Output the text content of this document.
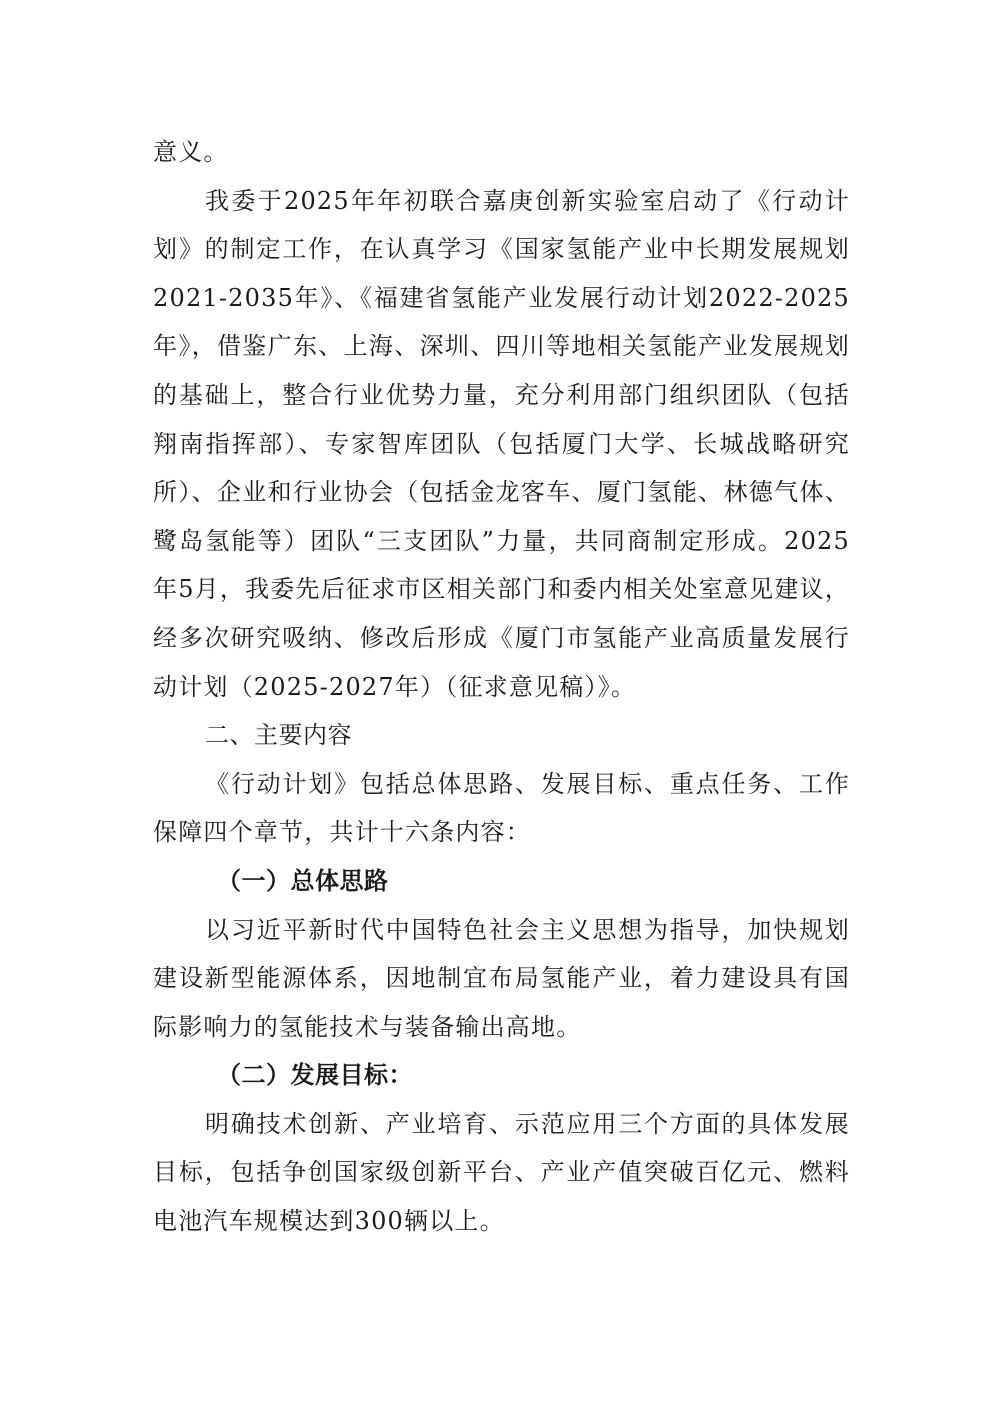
意义。

我委于2025年年初联合嘉庚创新实验室启动了《行动计划》的制定工作，在认真学习《国家氢能产业中长期发展规划2021-2035年》、《福建省氢能产业发展行动计划2022-2025年》，借鉴广东、上海、深圳、四川等地相关氢能产业发展规划的基础上，整合行业优势力量，充分利用部门组织团队（包括翔南指挥部）、专家智库团队（包括厦门大学、长城战略研究所）、企业和行业协会（包括金龙客车、厦门氢能、林德气体、鹭岛氢能等）团队“三支团队”力量，共同商制定形成。2025年5月，我委先后征求市区相关部门和委内相关处室意见建议，经多次研究吸纳、修改后形成《厦门市氢能产业高质量发展行动计划（2025-2027年）（征求意见稿）》。

二、主要内容

《行动计划》包括总体思路、发展目标、重点任务、工作保障四个章节，共计十六条内容：

（一）总体思路

以习近平新时代中国特色社会主义思想为指导，加快规划建设新型能源体系，因地制宜布局氢能产业，着力建设具有国际影响力的氢能技术与装备输出高地。

（二）发展目标：

明确技术创新、产业培育、示范应用三个方面的具体发展目标，包括争创国家级创新平台、产业产值突破百亿元、燃料电池汽车规模达到300辆以上。
